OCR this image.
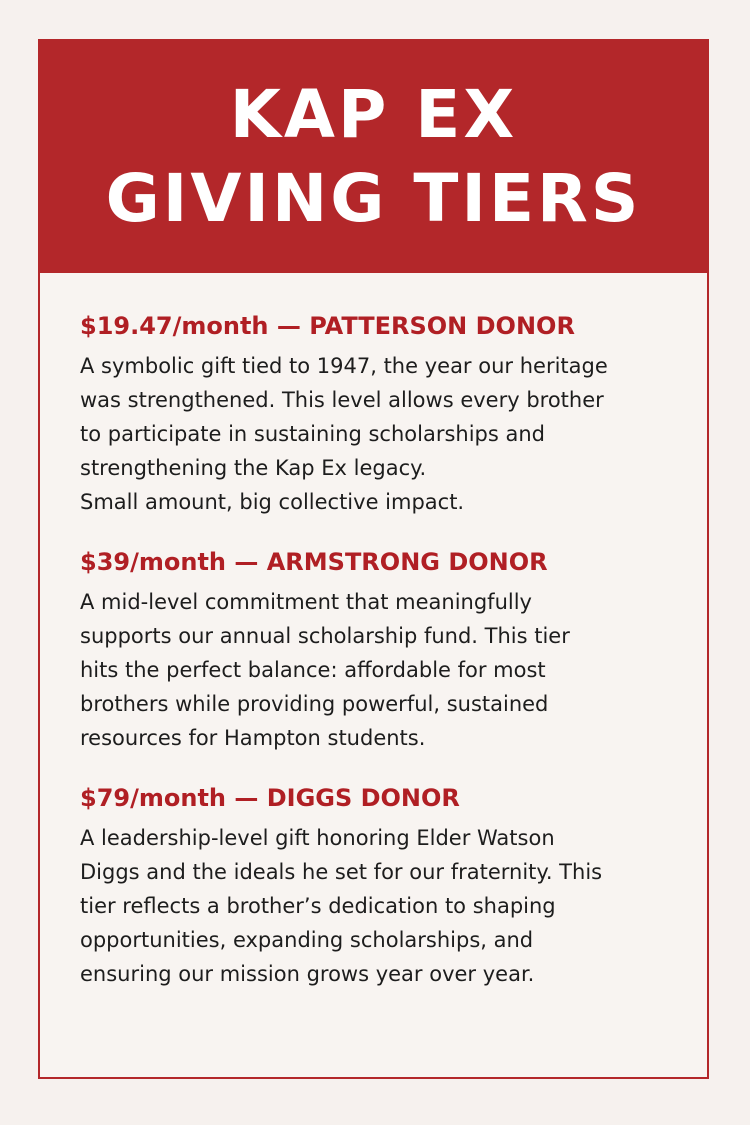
KAP EX
GIVING TIERS
$19.47/month — PATTERSON DONOR
A symbolic gift tied to 1947, the year our heritage
was strengthened. This level allows every brother
to participate in sustaining scholarships and
strengthening the Kap Ex legacy.
Small amount, big collective impact.
$39/month — ARMSTRONG DONOR
A mid-level commitment that meaningfully
supports our annual scholarship fund. This tier
hits the perfect balance: affordable for most
brothers while providing powerful, sustained
resources for Hampton students.
$79/month — DIGGS DONOR
A leadership-level gift honoring Elder Watson
Diggs and the ideals he set for our fraternity. This
tier reflects a brother’s dedication to shaping
opportunities, expanding scholarships, and
ensuring our mission grows year over year.
